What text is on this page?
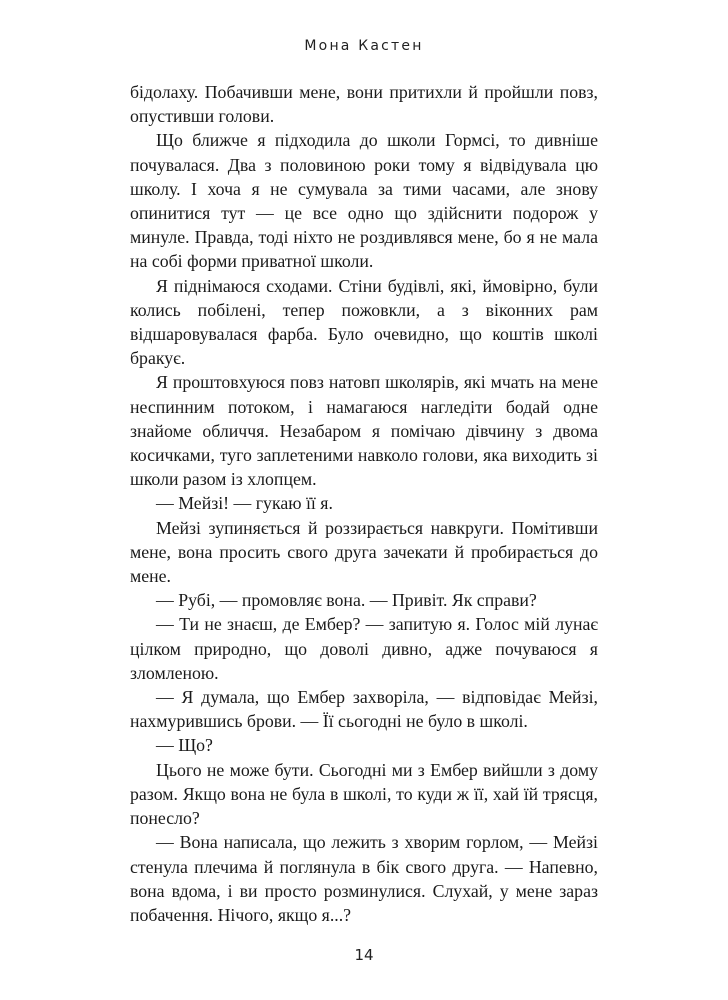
Мона Кастен

бідолаху. Побачивши мене, вони притихли й пройшли повз, опустивши голови.

Що ближче я підходила до школи Гормсі, то дивніше почувалася. Два з половиною роки тому я відвідувала цю школу. І хоча я не сумувала за тими часами, але знову опинитися тут — це все одно що здійснити подорож у минуле. Правда, тоді ніхто не роздивлявся мене, бо я не мала на собі форми приватної школи.

Я піднімаюся сходами. Стіни будівлі, які, ймовірно, були колись побілені, тепер пожовкли, а з віконних рам відшаровувалася фарба. Було очевидно, що коштів школі бракує.

Я проштовхуюся повз натовп школярів, які мчать на мене неспинним потоком, і намагаюся нагледіти бодай одне знайоме обличчя. Незабаром я помічаю дівчину з двома косичками, туго заплетеними навколо голови, яка виходить зі школи разом із хлопцем.

— Мейзі! — гукаю її я.

Мейзі зупиняється й роззирається навкруги. Помітивши мене, вона просить свого друга зачекати й пробирається до мене.

— Рубі, — промовляє вона. — Привіт. Як справи?

— Ти не знаєш, де Ембер? — запитую я. Голос мій лунає цілком природно, що доволі дивно, адже почуваюся я зломленою.

— Я думала, що Ембер захворіла, — відповідає Мейзі, нахмурившись брови. — Її сьогодні не було в школі.

— Що?

Цього не може бути. Сьогодні ми з Ембер вийшли з дому разом. Якщо вона не була в школі, то куди ж її, хай їй трясця, понесло?

— Вона написала, що лежить з хворим горлом, — Мейзі стенула плечима й поглянула в бік свого друга. — Напевно, вона вдома, і ви просто розминулися. Слухай, у мене зараз побачення. Нічого, якщо я...?

14
